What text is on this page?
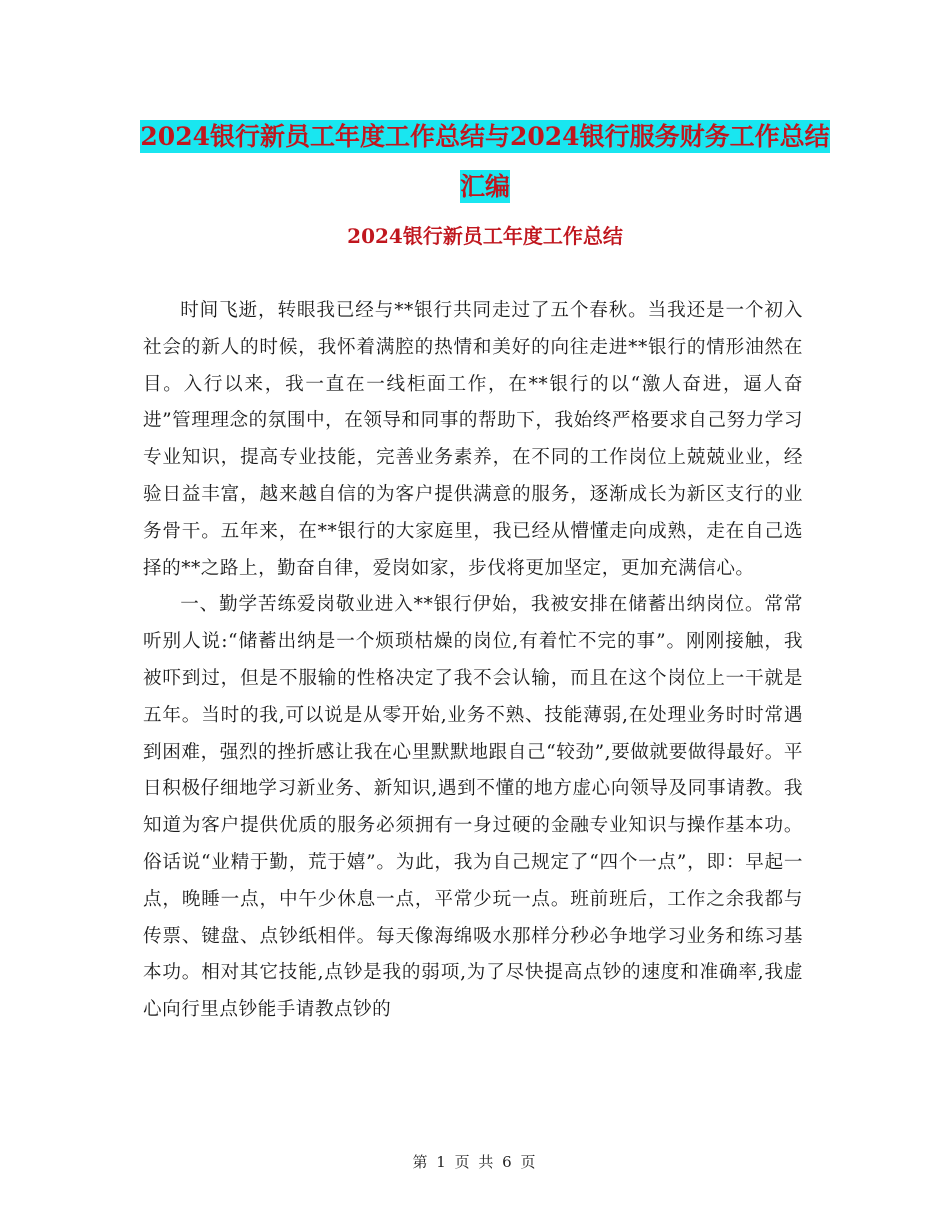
2024银行新员工年度工作总结与2024银行服务财务工作总结汇编
2024银行新员工年度工作总结

时间飞逝，转眼我已经与**银行共同走过了五个春秋。当我还是一个初入社会的新人的时候，我怀着满腔的热情和美好的向往走进**银行的情形油然在目。入行以来，我一直在一线柜面工作，在**银行的以“激人奋进，逼人奋进”管理理念的氛围中，在领导和同事的帮助下，我始终严格要求自己努力学习专业知识，提高专业技能，完善业务素养，在不同的工作岗位上兢兢业业，经验日益丰富，越来越自信的为客户提供满意的服务，逐渐成长为新区支行的业务骨干。五年来，在**银行的大家庭里，我已经从懵懂走向成熟，走在自己选择的**之路上，勤奋自律，爱岗如家，步伐将更加坚定，更加充满信心。

一、勤学苦练爱岗敬业进入**银行伊始，我被安排在储蓄出纳岗位。常常听别人说:“储蓄出纳是一个烦琐枯燥的岗位,有着忙不完的事”。刚刚接触，我被吓到过，但是不服输的性格决定了我不会认输，而且在这个岗位上一干就是五年。当时的我,可以说是从零开始,业务不熟、技能薄弱,在处理业务时时常遇到困难，强烈的挫折感让我在心里默默地跟自己“较劲”,要做就要做得最好。平日积极仔细地学习新业务、新知识,遇到不懂的地方虚心向领导及同事请教。我知道为客户提供优质的服务必须拥有一身过硬的金融专业知识与操作基本功。俗话说“业精于勤，荒于嬉”。为此，我为自己规定了“四个一点”，即：早起一点，晚睡一点，中午少休息一点，平常少玩一点。班前班后，工作之余我都与传票、键盘、点钞纸相伴。每天像海绵吸水那样分秒必争地学习业务和练习基本功。相对其它技能,点钞是我的弱项,为了尽快提高点钞的速度和准确率,我虚心向行里点钞能手请教点钞的

第 1 页 共 6 页
